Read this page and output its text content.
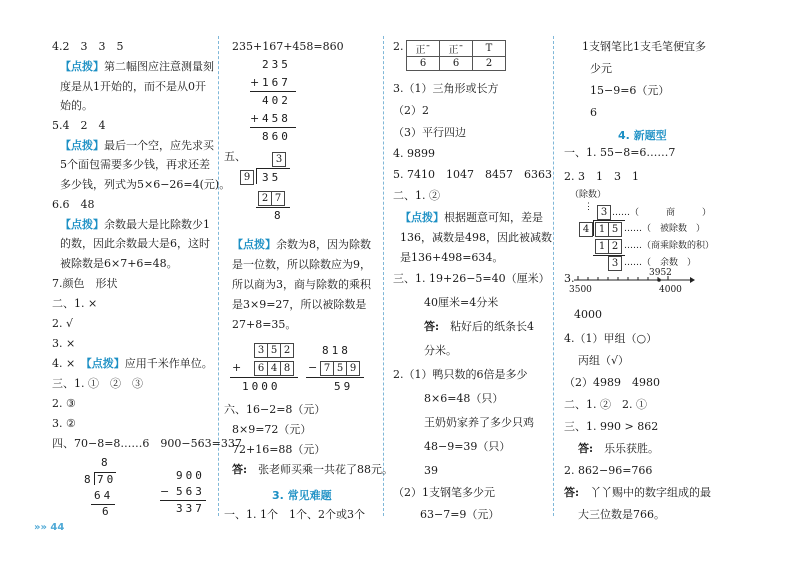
4.2　3　3　5
【点拨】第二幅图应注意测量刻
度是从1开始的，而不是从0开
始的。
5.4　2　4
【点拨】最后一个空，应先求买
5个面包需要多少钱，再求还差
多少钱，列式为5×6−26=4(元)。
6.6　48
【点拨】余数最大是比除数少1
的数，因此余数最大是6，这时
被除数是6×7+6=48。
7.颜色　形状
二、1. ×
2. √
3. ×
4. ×　 【点拨】应用千米作单位。
三、1. ①　②　③
2. ③
3. ②
四、70−8=8……6　900−563=337
8
8 70
64
6
900
− 563
337
»» 44
235+167+458=860
235
+ 167
402
+ 458
860
五、	3
9	35
2 7
8
【点拨】余数为8，因为除数
是一位数，所以除数应为9，
所以商为3，商与除数的乘积
是3×9=27，所以被除数是
27+8=35。
3 5 2
+	6 4 8
1000
818
− 7 5 9
59
六、16−2=8（元）
8×9=72（元）
72+16=88（元）
答:　 张老师买乘一共花了88元。
3. 常见难题
一、1. 1个　1个、2个或3个
2. 正¯	正¯	T
6	6	2
3.（1）三角形或长方
（2）2
（3）平行四边
4. 9899
5. 7410　1047　8457　6363
二、1. ②
【点拨】根据题意可知，差是
136，减数是498，因此被减数
是136+498=634。
三、1. 19+26−5=40（厘米）
40厘米=4分米
答:　 粘好后的纸条长4
分米。
2.（1）鸭只数的6倍是多少
8×6=48（只）
王奶奶家养了多少只鸡
48−9=39（只）
39
（2）1支钢笔多少元
63−7=9（元）
1支钢笔比1支毛笔便宜多
少元
15−9=6（元）
6
4. 新题型
一、1. 55−8=6……7
2. 3　1　3　1
（除数）
⋮ 3 ……（　　　商　　　）
4 1 5 ……（　被除数　）
1 2 ……（商乘除数的积）
3 ……（　余数　）
3.	3952
3500	4000
4000
4.（1）甲组（○）
丙组（√）
（2）4989　4980
二、1. ②　2. ①
三、1. 990 > 862
答:　 乐乐获胜。
2. 862−96=766
答:　 丫丫赐中的数字组成的最
大三位数是766。
